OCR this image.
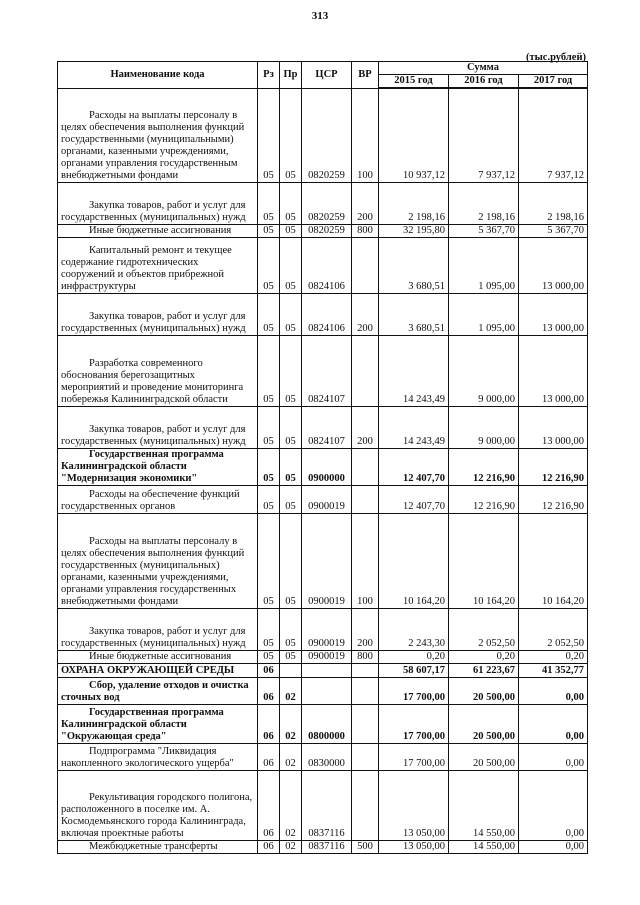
313
(тыс.рублей)
Наименование кода	Рз	Пр	ЦСР	ВР	Сумма		
					2015 год	2016 год	2017 год
Расходы на выплаты персоналу в целях обеспечения выполнения функций государственными (муниципальными) органами, казенными учреждениями, органами управления государственным внебюджетными фондами	05	05	0820259	100	10 937,12	7 937,12	7 937,12
Закупка товаров, работ и услуг для государственных (муниципальных) нужд	05	05	0820259	200	2 198,16	2 198,16	2 198,16
Иные бюджетные ассигнования	05	05	0820259	800	32 195,80	5 367,70	5 367,70
Капитальный ремонт и текущее содержание гидротехнических сооружений и объектов прибрежной инфраструктуры	05	05	0824106		3 680,51	1 095,00	13 000,00
Закупка товаров, работ и услуг для государственных (муниципальных) нужд	05	05	0824106	200	3 680,51	1 095,00	13 000,00
Разработка современного обоснования берегозащитных мероприятий и проведение мониторинга побережья Калининградской области	05	05	0824107		14 243,49	9 000,00	13 000,00
Закупка товаров, работ и услуг для государственных (муниципальных) нужд	05	05	0824107	200	14 243,49	9 000,00	13 000,00
Государственная программа Калининградской области "Модернизация экономики"	05	05	0900000		12 407,70	12 216,90	12 216,90
Расходы на обеспечение функций государственных органов	05	05	0900019		12 407,70	12 216,90	12 216,90
Расходы на выплаты персоналу в целях обеспечения выполнения функций государственных (муниципальных) органами, казенными учреждениями, органами управления государственных внебюджетными фондами	05	05	0900019	100	10 164,20	10 164,20	10 164,20
Закупка товаров, работ и услуг для государственных (муниципальных) нужд	05	05	0900019	200	2 243,30	2 052,50	2 052,50
Иные бюджетные ассигнования	05	05	0900019	800	0,20	0,20	0,20
ОХРАНА ОКРУЖАЮЩЕЙ СРЕДЫ	06				58 607,17	61 223,67	41 352,77
Сбор, удаление отходов и очистка сточных вод	06	02			17 700,00	20 500,00	0,00
Государственная программа Калининградской области "Окружающая среда"	06	02	0800000		17 700,00	20 500,00	0,00
Подпрограмма "Ликвидация накопленного экологического ущерба"	06	02	0830000		17 700,00	20 500,00	0,00
Рекультивация городского полигона, расположенного в поселке им. А. Космодемьянского города Калининграда, включая проектные работы	06	02	0837116		13 050,00	14 550,00	0,00
Межбюджетные трансферты	06	02	0837116	500	13 050,00	14 550,00	0,00
